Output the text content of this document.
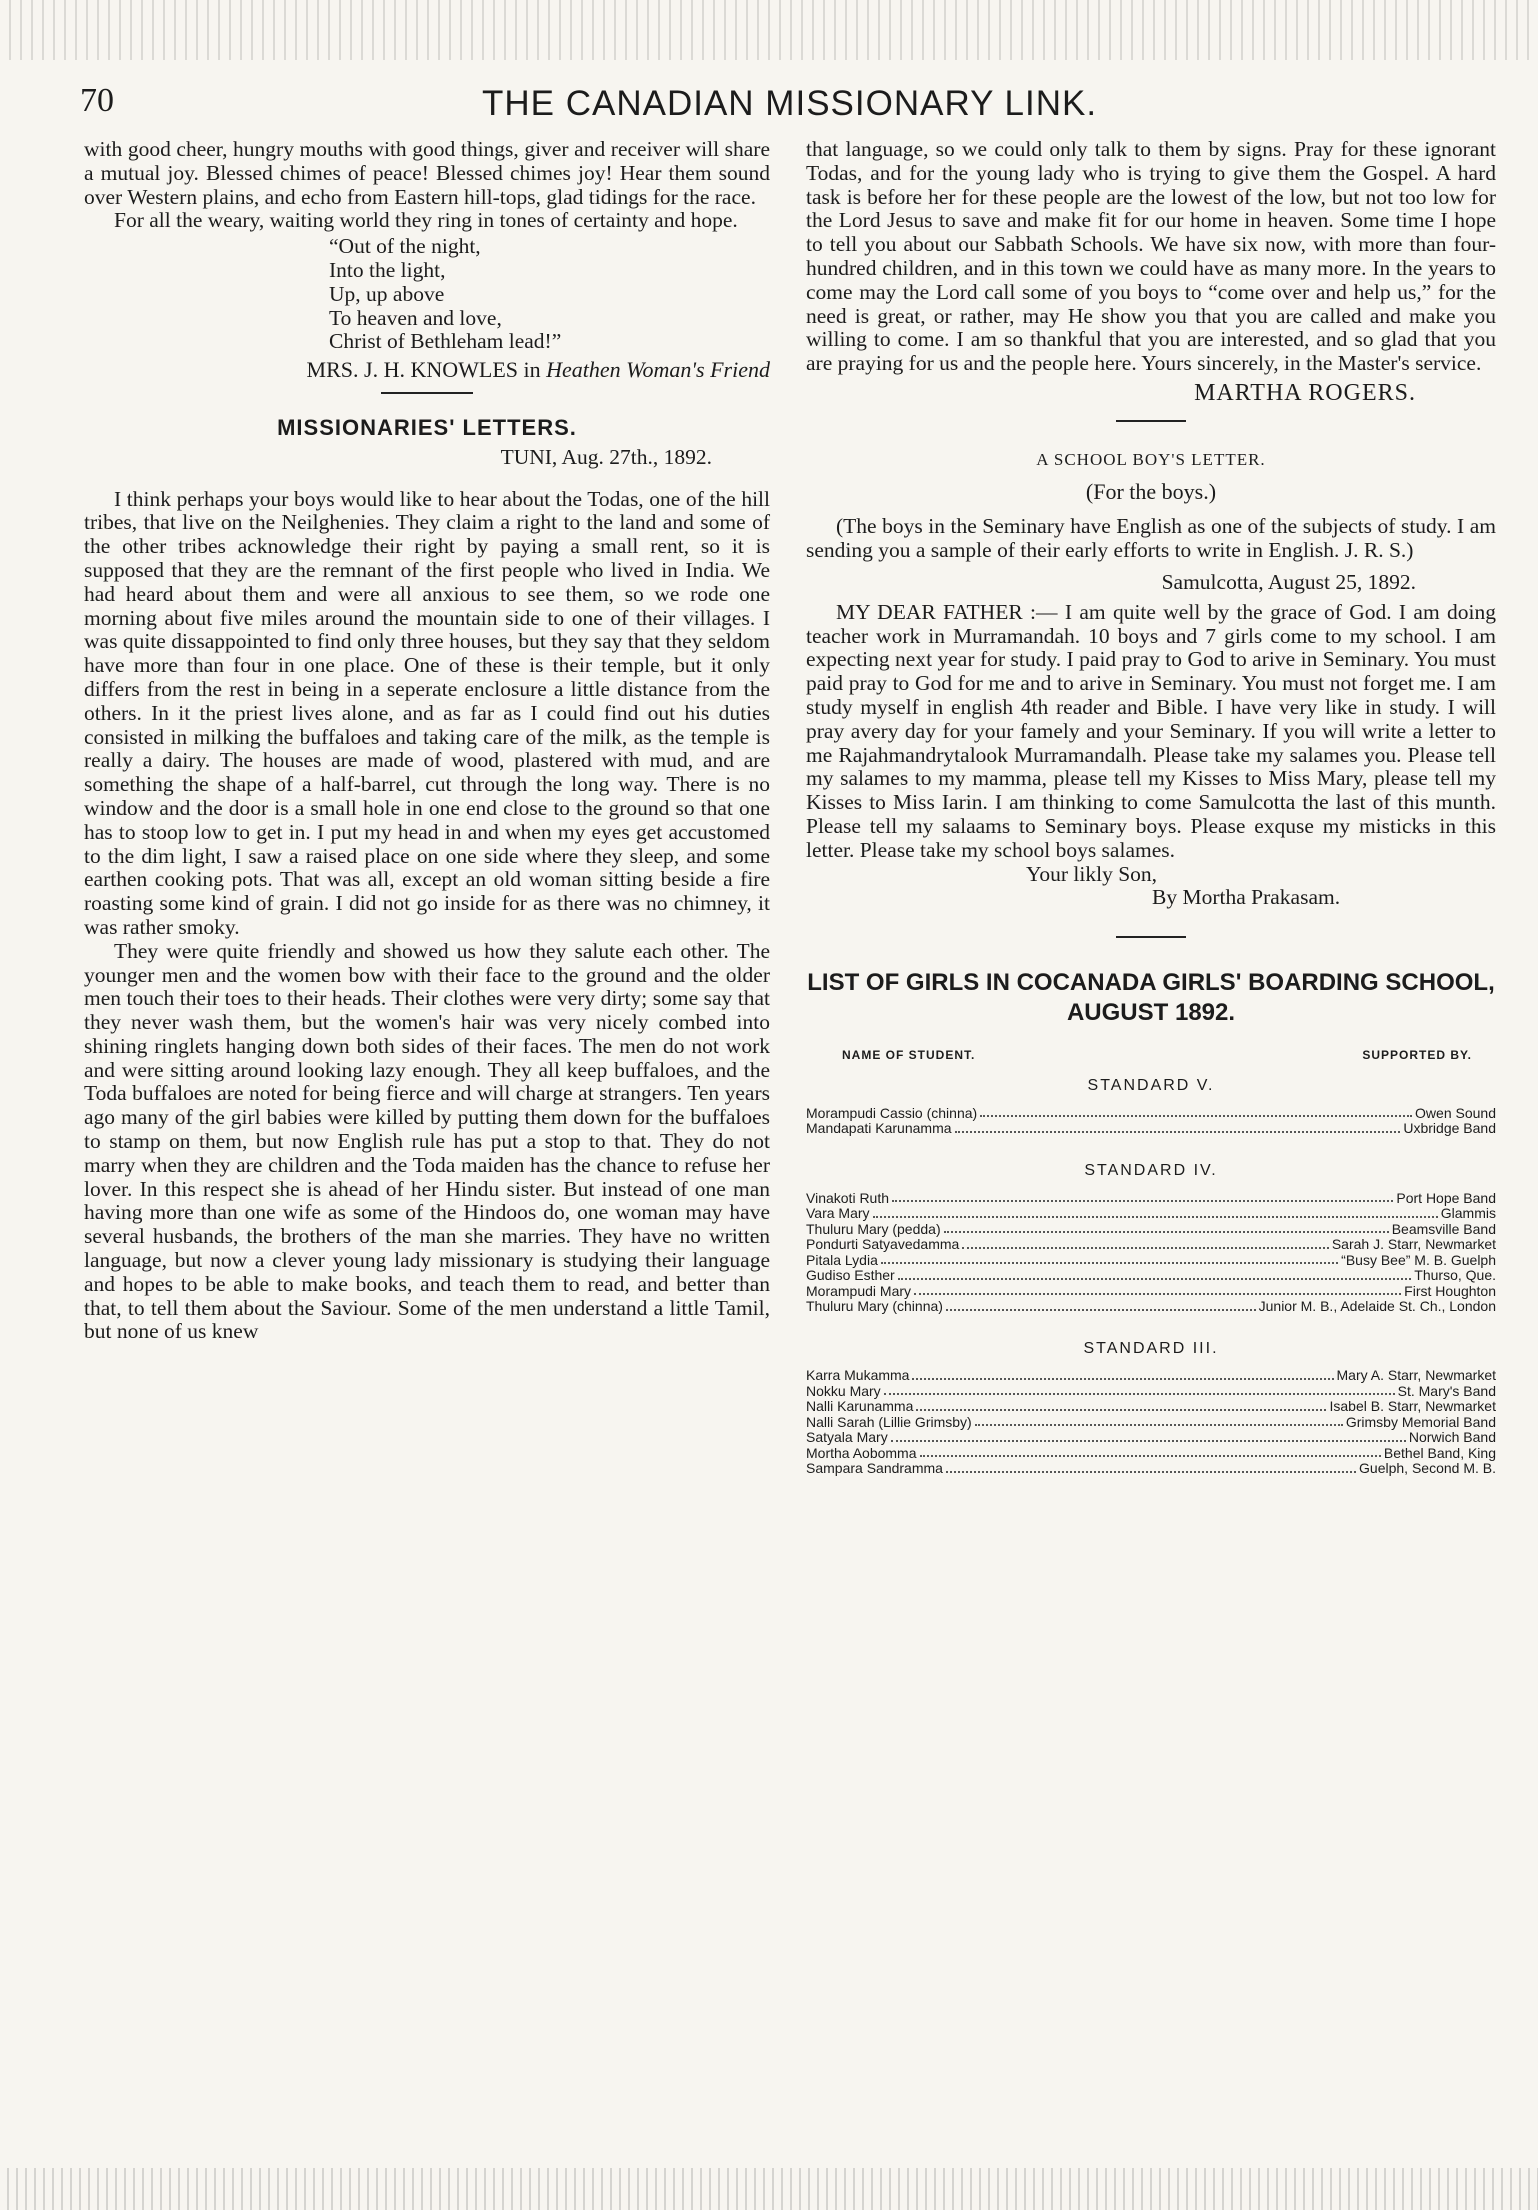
70	THE CANADIAN MISSIONARY LINK.

with good cheer, hungry mouths with good things, giver and receiver will share a mutual joy. Blessed chimes of peace! Blessed chimes joy! Hear them sound over Western plains, and echo from Eastern hill-tops, glad tidings for the race.

For all the weary, waiting world they ring in tones of certainty and hope.

“Out of the night,
Into the light,
Up, up above
To heaven and love,
Christ of Bethleham lead!”
MRS. J. H. KNOWLES in Heathen Woman's Friend
MISSIONARIES' LETTERS.
TUNI, Aug. 27th., 1892.

I think perhaps your boys would like to hear about the Todas, one of the hill tribes, that live on the Neilghenies. They claim a right to the land and some of the other tribes acknowledge their right by paying a small rent, so it is supposed that they are the remnant of the first people who lived in India. We had heard about them and were all anxious to see them, so we rode one morning about five miles around the mountain side to one of their villages. I was quite dissappointed to find only three houses, but they say that they seldom have more than four in one place. One of these is their temple, but it only differs from the rest in being in a seperate enclosure a little distance from the others. In it the priest lives alone, and as far as I could find out his duties consisted in milking the buffaloes and taking care of the milk, as the temple is really a dairy. The houses are made of wood, plastered with mud, and are something the shape of a half-barrel, cut through the long way. There is no window and the door is a small hole in one end close to the ground so that one has to stoop low to get in. I put my head in and when my eyes get accustomed to the dim light, I saw a raised place on one side where they sleep, and some earthen cooking pots. That was all, except an old woman sitting beside a fire roasting some kind of grain. I did not go inside for as there was no chimney, it was rather smoky.

They were quite friendly and showed us how they salute each other. The younger men and the women bow with their face to the ground and the older men touch their toes to their heads. Their clothes were very dirty; some say that they never wash them, but the women's hair was very nicely combed into shining ringlets hanging down both sides of their faces. The men do not work and were sitting around looking lazy enough. They all keep buffaloes, and the Toda buffaloes are noted for being fierce and will charge at strangers. Ten years ago many of the girl babies were killed by putting them down for the buffaloes to stamp on them, but now English rule has put a stop to that. They do not marry when they are children and the Toda maiden has the chance to refuse her lover. In this respect she is ahead of her Hindu sister. But instead of one man having more than one wife as some of the Hindoos do, one woman may have several husbands, the brothers of the man she marries. They have no written language, but now a clever young lady missionary is studying their language and hopes to be able to make books, and teach them to read, and better than that, to tell them about the Saviour. Some of the men understand a little Tamil, but none of us knew

that language, so we could only talk to them by signs. Pray for these ignorant Todas, and for the young lady who is trying to give them the Gospel. A hard task is before her for these people are the lowest of the low, but not too low for the Lord Jesus to save and make fit for our home in heaven. Some time I hope to tell you about our Sabbath Schools. We have six now, with more than four-hundred children, and in this town we could have as many more. In the years to come may the Lord call some of you boys to “come over and help us,” for the need is great, or rather, may He show you that you are called and make you willing to come. I am so thankful that you are interested, and so glad that you are praying for us and the people here. Yours sincerely, in the Master's service.

MARTHA ROGERS.
A SCHOOL BOY'S LETTER.
(For the boys.)

(The boys in the Seminary have English as one of the subjects of study. I am sending you a sample of their early efforts to write in English. J. R. S.)

Samulcotta, August 25, 1892.

MY DEAR FATHER :— I am quite well by the grace of God. I am doing teacher work in Murramandah. 10 boys and 7 girls come to my school. I am expecting next year for study. I paid pray to God to arive in Seminary. You must paid pray to God for me and to arive in Seminary. You must not forget me. I am study myself in english 4th reader and Bible. I have very like in study. I will pray avery day for your famely and your Seminary. If you will write a letter to me Rajahmandrytalook Murramandalh. Please take my salames you. Please tell my salames to my mamma, please tell my Kisses to Miss Mary, please tell my Kisses to Miss Iarin. I am thinking to come Samulcotta the last of this munth. Please tell my salaams to Seminary boys. Please exquse my misticks in this letter. Please take my school boys salames.

Your likly Son,
By Mortha Prakasam.
LIST OF GIRLS IN COCANADA GIRLS' BOARDING SCHOOL, AUGUST 1892.
NAME OF STUDENT.	SUPPORTED BY.
STANDARD V.
Morampudi Cassio (chinna)	Owen Sound
Mandapati Karunamma	Uxbridge Band
STANDARD IV.
Vinakoti Ruth	Port Hope Band
Vara Mary	Glammis
Thuluru Mary (pedda)	Beamsville Band
Pondurti Satyavedamma	Sarah J. Starr, Newmarket
Pitala Lydia	“Busy Bee” M. B. Guelph
Gudiso Esther	Thurso, Que.
Morampudi Mary	First Houghton
Thuluru Mary (chinna)	Junior M. B., Adelaide St. Ch., London
STANDARD III.
Karra Mukamma	Mary A. Starr, Newmarket
Nokku Mary	St. Mary's Band
Nalli Karunamma	Isabel B. Starr, Newmarket
Nalli Sarah (Lillie Grimsby)	Grimsby Memorial Band
Satyala Mary	Norwich Band
Mortha Aobomma	Bethel Band, King
Sampara Sandramma	Guelph, Second M. B.
